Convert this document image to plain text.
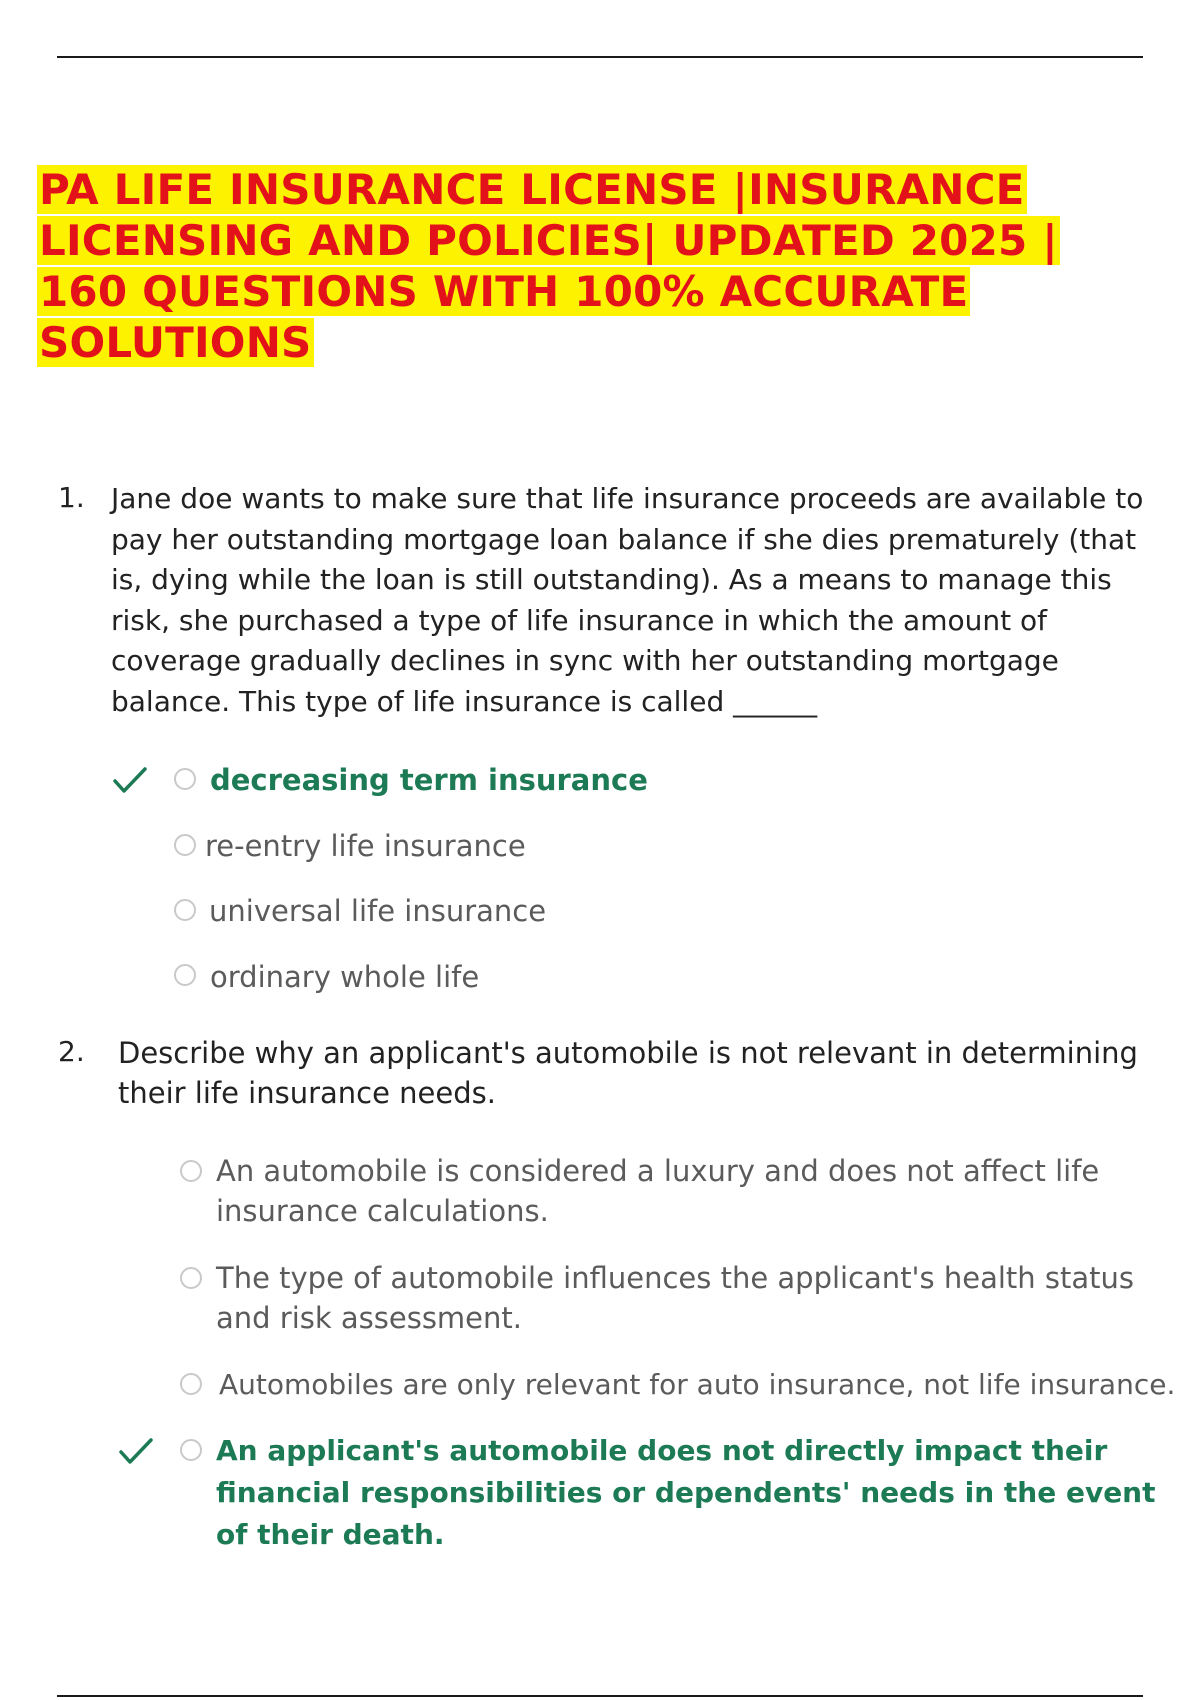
PA LIFE INSURANCE LICENSE |INSURANCE
LICENSING AND POLICIES| UPDATED 2025 |
160 QUESTIONS WITH 100% ACCURATE
SOLUTIONS
1. Jane doe wants to make sure that life insurance proceeds are available to pay her outstanding mortgage loan balance if she dies prematurely (that is, dying while the loan is still outstanding). As a means to manage this risk, she purchased a type of life insurance in which the amount of coverage gradually declines in sync with her outstanding mortgage balance. This type of life insurance is called ______

decreasing term insurance

re-entry life insurance

universal life insurance

ordinary whole life

2. Describe why an applicant's automobile is not relevant in determining their life insurance needs.

An automobile is considered a luxury and does not affect life insurance calculations.

The type of automobile influences the applicant's health status and risk assessment.

Automobiles are only relevant for auto insurance, not life insurance.

An applicant's automobile does not directly impact their financial responsibilities or dependents' needs in the event of their death.
